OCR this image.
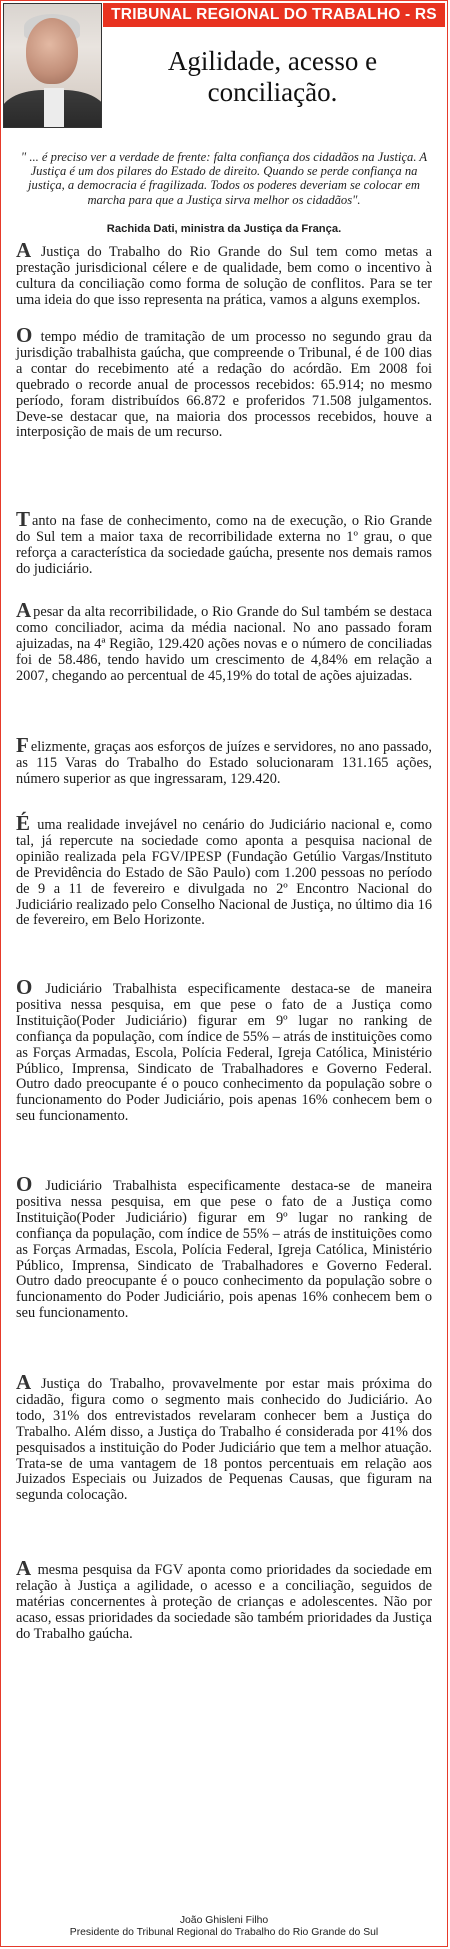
TRIBUNAL REGIONAL DO TRABALHO - RS
Agilidade, acesso e
conciliação.
" ... é preciso ver a verdade de frente: falta confiança dos cidadãos na Justiça. A Justiça é um dos pilares do Estado de direito. Quando se perde confiança na justiça, a democracia é fragilizada. Todos os poderes deveriam se colocar em marcha para que a Justiça sirva melhor os cidadãos".
Rachida Dati, ministra da Justiça da França.
A Justiça do Trabalho do Rio Grande do Sul tem como metas a prestação jurisdicional célere e de qualidade, bem como o incentivo à cultura da conciliação como forma de solução de conflitos. Para se ter uma ideia do que isso representa na prática, vamos a alguns exemplos.
O tempo médio de tramitação de um processo no segundo grau da jurisdição trabalhista gaúcha, que compreende o Tribunal, é de 100 dias a contar do recebimento até a redação do acórdão. Em 2008 foi quebrado o recorde anual de processos recebidos: 65.914; no mesmo período, foram distribuídos 66.872 e proferidos 71.508 julgamentos. Deve-se destacar que, na maioria dos processos recebidos, houve a interposição de mais de um recurso.
T anto na fase de conhecimento, como na de execução, o Rio Grande do Sul tem a maior taxa de recorribilidade externa no 1º grau, o que reforça a característica da sociedade gaúcha, presente nos demais ramos do judiciário.
A pesar da alta recorribilidade, o Rio Grande do Sul também se destaca como conciliador, acima da média nacional. No ano passado foram ajuizadas, na 4ª Região, 129.420 ações novas e o número de conciliadas foi de 58.486, tendo havido um crescimento de 4,84% em relação a 2007, chegando ao percentual de 45,19% do total de ações ajuizadas.
F elizmente, graças aos esforços de juízes e servidores, no ano passado, as 115 Varas do Trabalho do Estado solucionaram 131.165 ações, número superior as que ingressaram, 129.420.
É uma realidade invejável no cenário do Judiciário nacional e, como tal, já repercute na sociedade como aponta a pesquisa nacional de opinião realizada pela FGV/IPESP (Fundação Getúlio Vargas/Instituto de Previdência do Estado de São Paulo) com 1.200 pessoas no período de 9 a 11 de fevereiro e divulgada no 2º Encontro Nacional do Judiciário realizado pelo Conselho Nacional de Justiça, no último dia 16 de fevereiro, em Belo Horizonte.
O Judiciário Trabalhista especificamente destaca-se de maneira positiva nessa pesquisa, em que pese o fato de a Justiça como Instituição(Poder Judiciário) figurar em 9º lugar no ranking de confiança da população, com índice de 55% – atrás de instituições como as Forças Armadas, Escola, Polícia Federal, Igreja Católica, Ministério Público, Imprensa, Sindicato de Trabalhadores e Governo Federal. Outro dado preocupante é o pouco conhecimento da população sobre o funcionamento do Poder Judiciário, pois apenas 16% conhecem bem o seu funcionamento.
O Judiciário Trabalhista especificamente destaca-se de maneira positiva nessa pesquisa, em que pese o fato de a Justiça como Instituição(Poder Judiciário) figurar em 9º lugar no ranking de confiança da população, com índice de 55% – atrás de instituições como as Forças Armadas, Escola, Polícia Federal, Igreja Católica, Ministério Público, Imprensa, Sindicato de Trabalhadores e Governo Federal. Outro dado preocupante é o pouco conhecimento da população sobre o funcionamento do Poder Judiciário, pois apenas 16% conhecem bem o seu funcionamento.
A Justiça do Trabalho, provavelmente por estar mais próxima do cidadão, figura como o segmento mais conhecido do Judiciário. Ao todo, 31% dos entrevistados revelaram conhecer bem a Justiça do Trabalho. Além disso, a Justiça do Trabalho é considerada por 41% dos pesquisados a instituição do Poder Judiciário que tem a melhor atuação. Trata-se de uma vantagem de 18 pontos percentuais em relação aos Juizados Especiais ou Juizados de Pequenas Causas, que figuram na segunda colocação.
A mesma pesquisa da FGV aponta como prioridades da sociedade em relação à Justiça a agilidade, o acesso e a conciliação, seguidos de matérias concernentes à proteção de crianças e adolescentes. Não por acaso, essas prioridades da sociedade são também prioridades da Justiça do Trabalho gaúcha.
João Ghisleni Filho
Presidente do Tribunal Regional do Trabalho do Rio Grande do Sul
